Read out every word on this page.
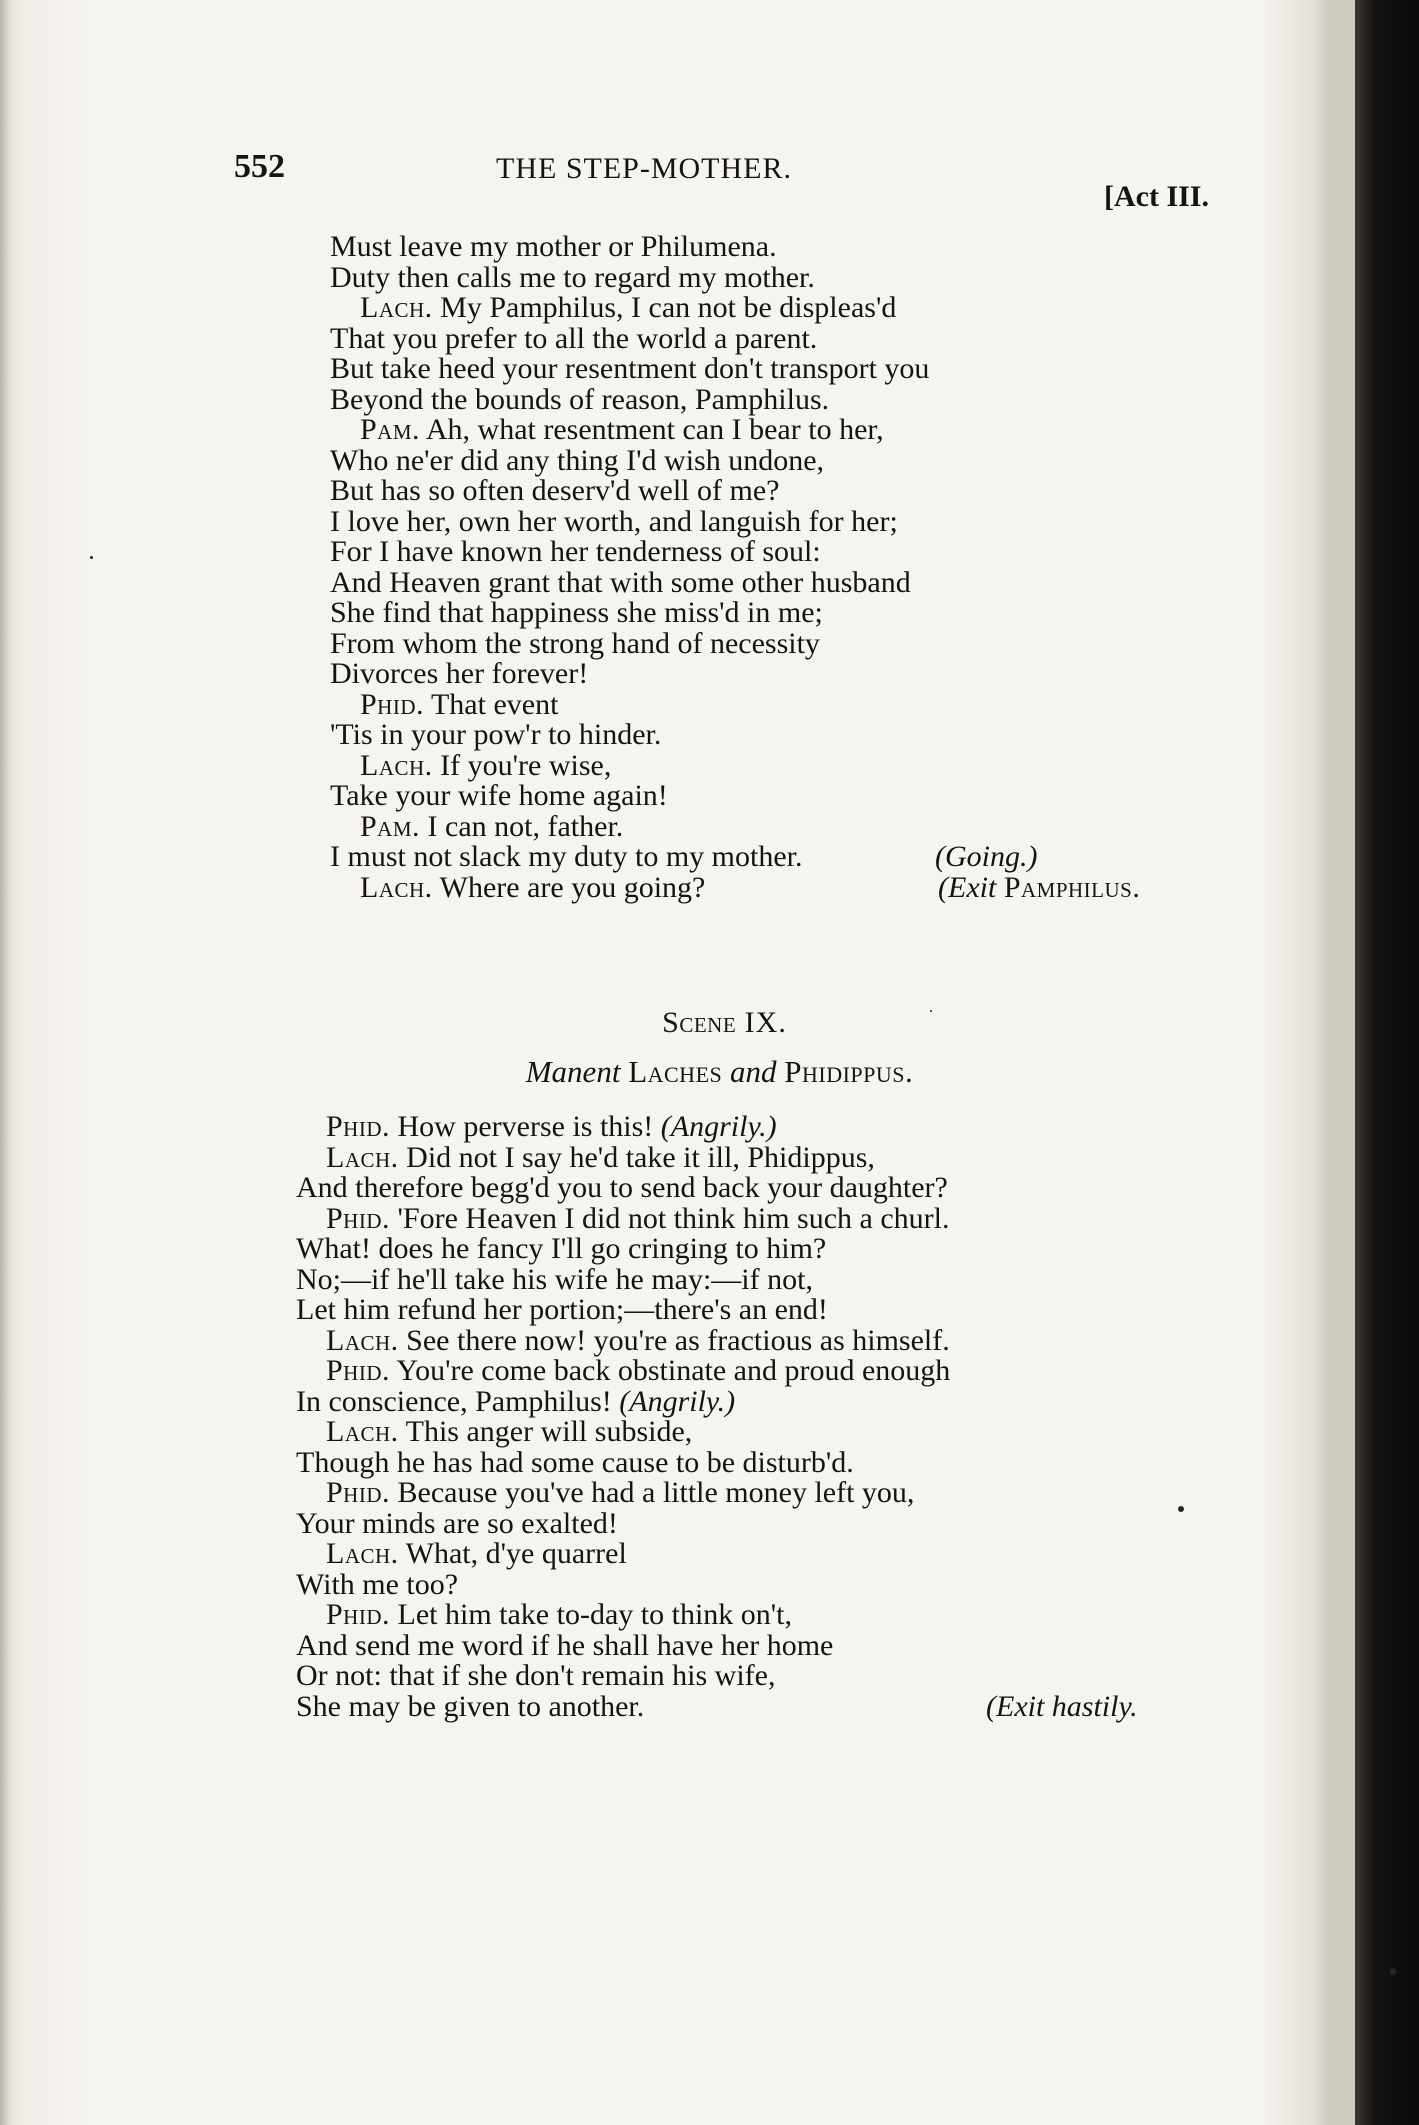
552	THE STEP-MOTHER.
[Act III.
Must leave my mother or Philumena.
Duty then calls me to regard my mother.
Lach. My Pamphilus, I can not be displeas'd
That you prefer to all the world a parent.
But take heed your resentment don't transport you
Beyond the bounds of reason, Pamphilus.
Pam. Ah, what resentment can I bear to her,
Who ne'er did any thing I'd wish undone,
But has so often deserv'd well of me?
I love her, own her worth, and languish for her;
For I have known her tenderness of soul:
And Heaven grant that with some other husband
She find that happiness she miss'd in me;
From whom the strong hand of necessity
Divorces her forever!
Phid. That event
'Tis in your pow'r to hinder.
Lach. If you're wise,
Take your wife home again!
Pam. I can not, father.
I must not slack my duty to my mother.	(Going.)
Lach. Where are you going?	(Exit Pamphilus.
Scene IX.
Manent Laches and Phidippus.
Phid. How perverse is this! (Angrily.)
Lach. Did not I say he'd take it ill, Phidippus,
And therefore begg'd you to send back your daughter?
Phid. 'Fore Heaven I did not think him such a churl.
What! does he fancy I'll go cringing to him?
No;—if he'll take his wife he may:—if not,
Let him refund her portion;—there's an end!
Lach. See there now! you're as fractious as himself.
Phid. You're come back obstinate and proud enough
In conscience, Pamphilus! (Angrily.)
Lach. This anger will subside,
Though he has had some cause to be disturb'd.
Phid. Because you've had a little money left you,
Your minds are so exalted!
Lach. What, d'ye quarrel
With me too?
Phid. Let him take to-day to think on't,
And send me word if he shall have her home
Or not: that if she don't remain his wife,
She may be given to another.	(Exit hastily.
